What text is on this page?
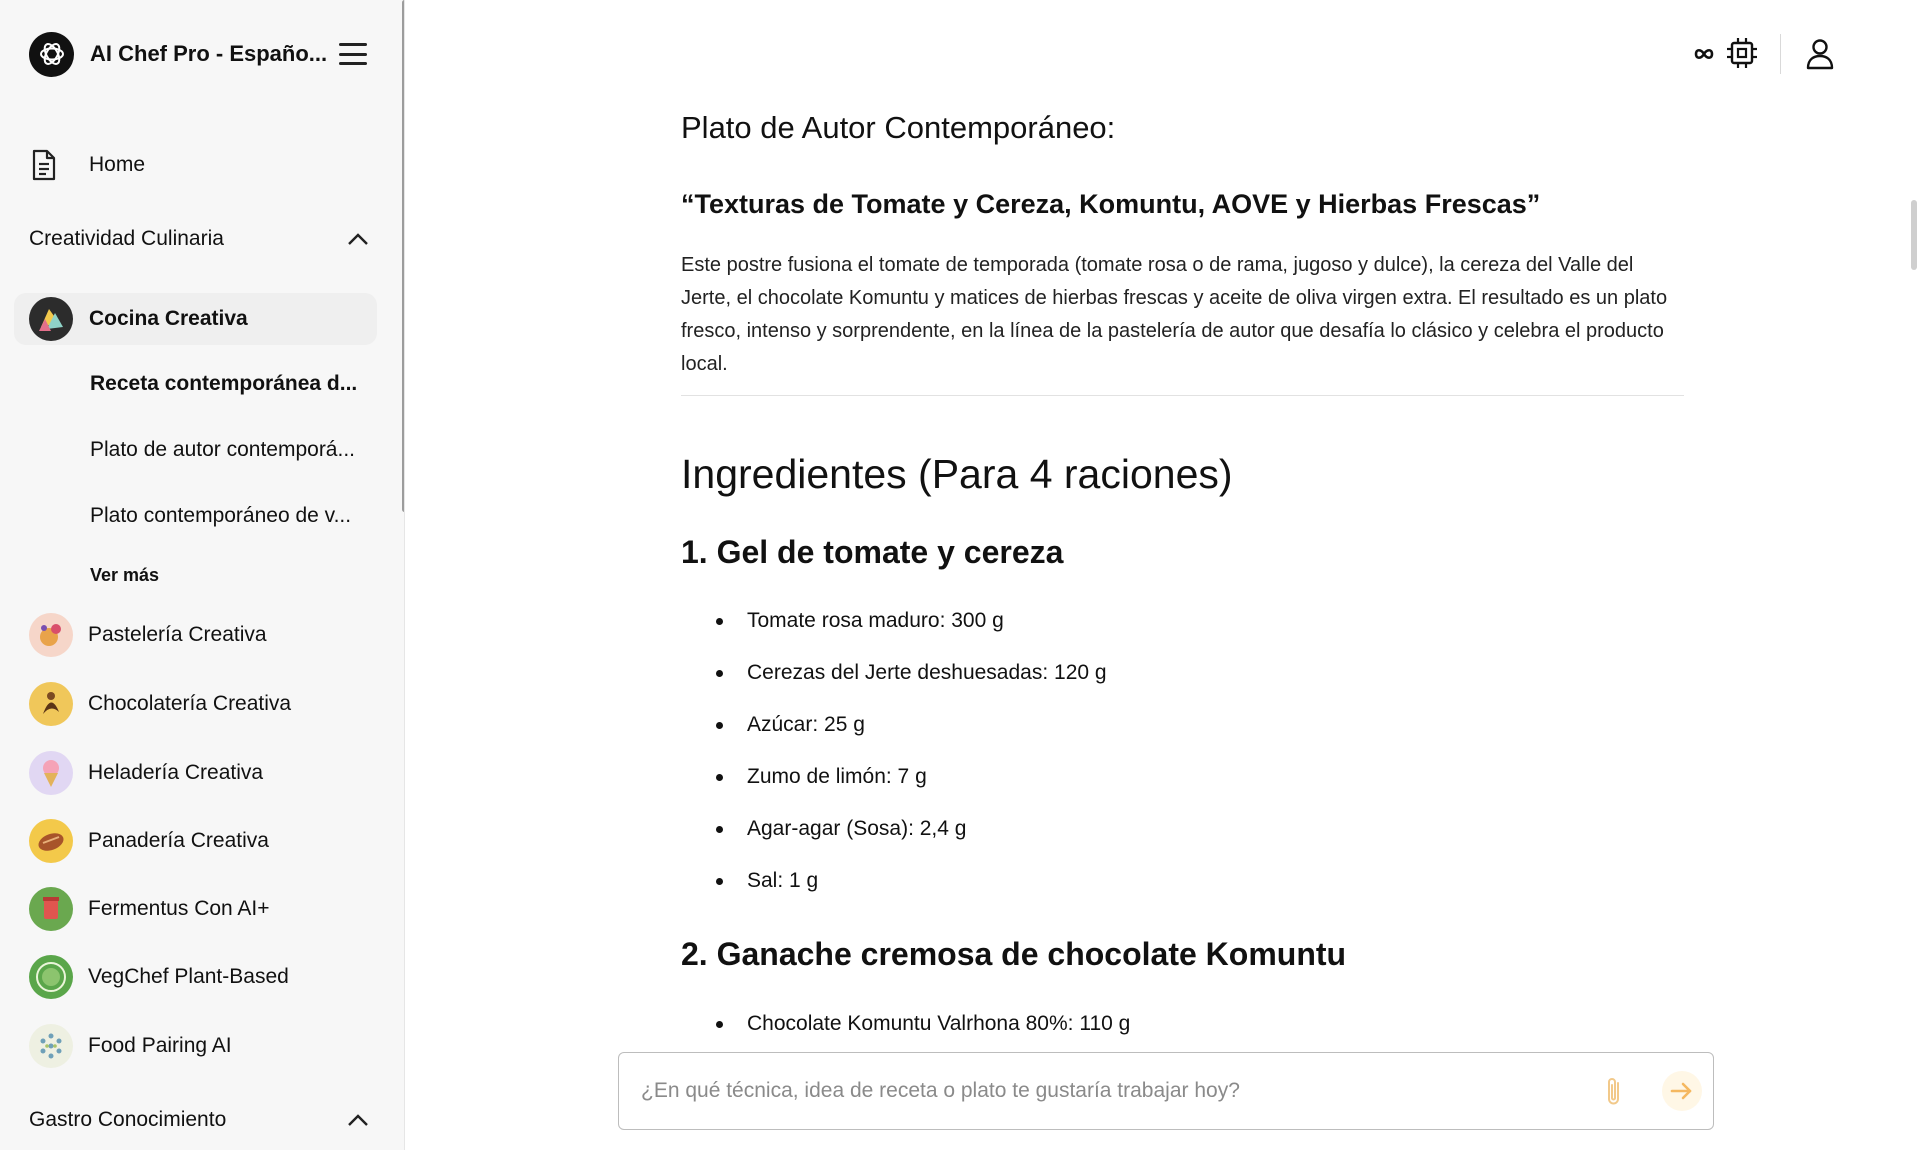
AI Chef Pro - Españo...
Home
Creatividad Culinaria
Cocina Creativa
Receta contemporánea d...
Plato de autor contemporá...
Plato contemporáneo de v...
Ver más
Pastelería Creativa
Chocolatería Creativa
Heladería Creativa
Panadería Creativa
Fermentus Con AI+
VegChef Plant-Based
Food Pairing AI
Gastro Conocimiento
Plato de Autor Contemporáneo:
“Texturas de Tomate y Cereza, Komuntu, AOVE y Hierbas Frescas”

Este postre fusiona el tomate de temporada (tomate rosa o de rama, jugoso y dulce), la cereza del Valle del Jerte, el chocolate Komuntu y matices de hierbas frescas y aceite de oliva virgen extra. El resultado es un plato fresco, intenso y sorprendente, en la línea de la pastelería de autor que desafía lo clásico y celebra el producto local.

Ingredientes (Para 4 raciones)
1. Gel de tomate y cereza
Tomate rosa maduro: 300 g
Cerezas del Jerte deshuesadas: 120 g
Azúcar: 25 g
Zumo de limón: 7 g
Agar-agar (Sosa): 2,4 g
Sal: 1 g
2. Ganache cremosa de chocolate Komuntu
Chocolate Komuntu Valrhona 80%: 110 g
¿En qué técnica, idea de receta o plato te gustaría trabajar hoy?
